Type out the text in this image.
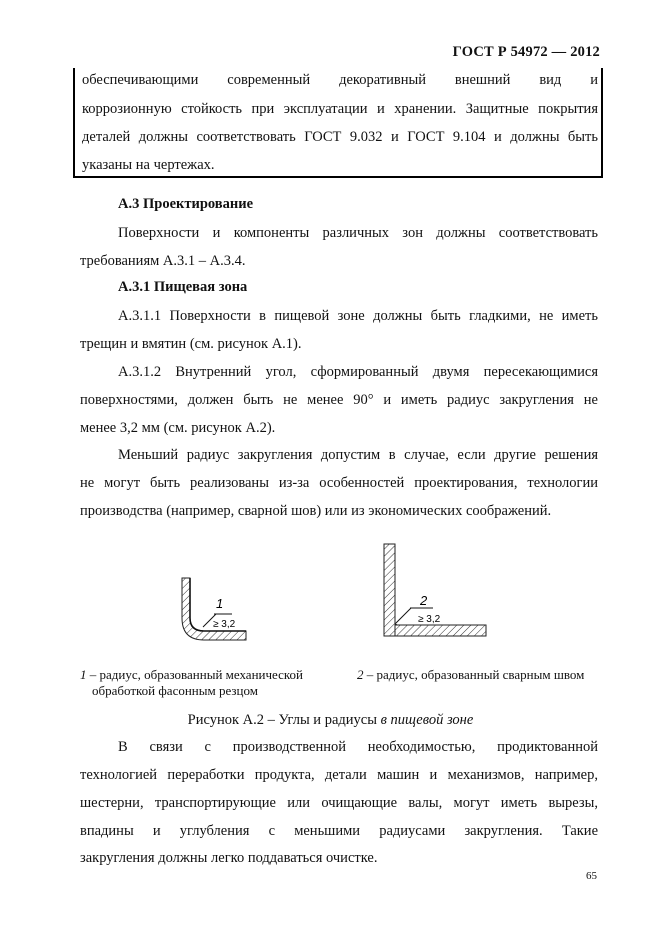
ГОСТ Р 54972 — 2012
обеспечивающими современный декоративный внешний вид и
коррозионную стойкость при эксплуатации и хранении. Защитные покрытия
деталей должны соответствовать ГОСТ 9.032 и ГОСТ 9.104 и должны быть
указаны на чертежах.
А.3 Проектирование
Поверхности и компоненты различных зон должны соответствовать
требованиям А.3.1 – А.3.4.
А.3.1 Пищевая зона
А.3.1.1 Поверхности в пищевой зоне должны быть гладкими, не иметь
трещин и вмятин (см. рисунок А.1).
А.3.1.2 Внутренний угол, сформированный двумя пересекающимися
поверхностями, должен быть не менее 90° и иметь радиус закругления не
менее 3,2 мм (см. рисунок А.2).
Меньший радиус закругления допустим в случае, если другие решения
не могут быть реализованы из-за особенностей проектирования, технологии
производства (например, сварной шов) или из экономических соображений.
1
≥ 3,2
2
≥ 3,2
1 – радиус, образованный механической
обработкой фасонным резцом
2 – радиус, образованный сварным швом
Рисунок А.2 – Углы и радиусы в пищевой зоне
В связи с производственной необходимостью, продиктованной
технологией переработки продукта, детали машин и механизмов, например,
шестерни, транспортирующие или очищающие валы, могут иметь вырезы,
впадины и углубления с меньшими радиусами закругления. Такие
закругления должны легко поддаваться очистке.
65
